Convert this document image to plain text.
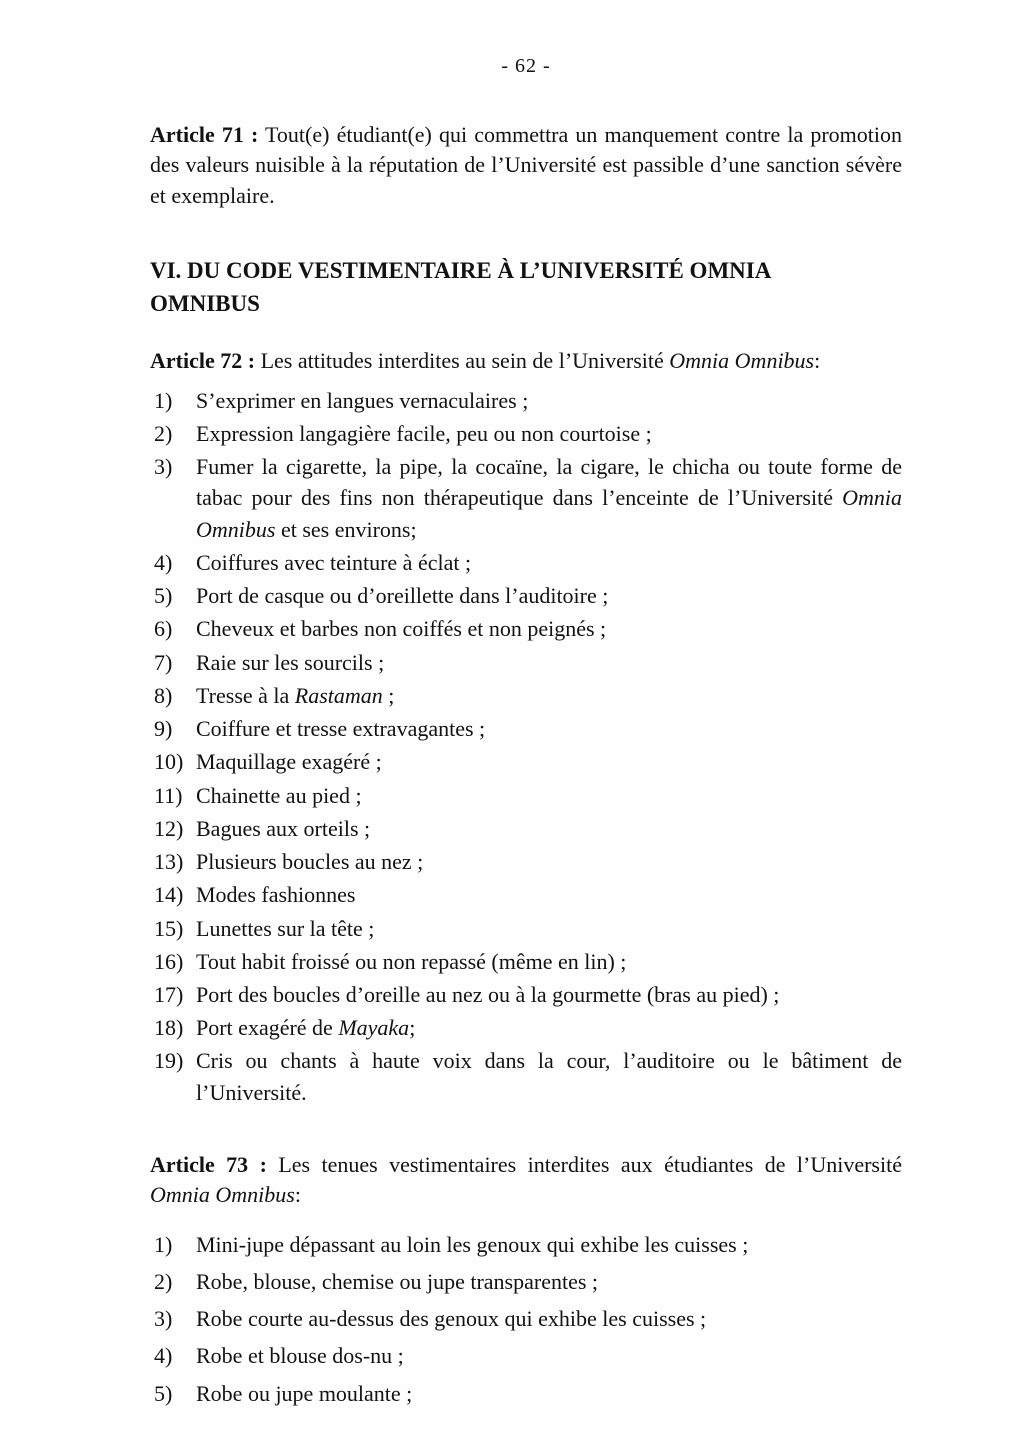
- 62 -

Article 71 : Tout(e) étudiant(e) qui commettra un manquement contre la promotion des valeurs nuisible à la réputation de l’Université est passible d’une sanction sévère et exemplaire.

VI. DU CODE VESTIMENTAIRE À L’UNIVERSITÉ OMNIA
OMNIBUS

Article 72 : Les attitudes interdites au sein de l’Université Omnia Omnibus:

1)	S’exprimer en langues vernaculaires ;
2)	Expression langagière facile, peu ou non courtoise ;
3)	Fumer la cigarette, la pipe, la cocaïne, la cigare, le chicha ou toute forme de tabac pour des fins non thérapeutique dans l’enceinte de l’Université Omnia Omnibus et ses environs;
4)	Coiffures avec teinture à éclat ;
5)	Port de casque ou d’oreillette dans l’auditoire ;
6)	Cheveux et barbes non coiffés et non peignés ;
7)	Raie sur les sourcils ;
8)	Tresse à la Rastaman ;
9)	Coiffure et tresse extravagantes ;
10) Maquillage exagéré ;
11) Chainette au pied ;
12) Bagues aux orteils ;
13) Plusieurs boucles au nez ;
14) Modes fashionnes
15) Lunettes sur la tête ;
16) Tout habit froissé ou non repassé (même en lin) ;
17) Port des boucles d’oreille au nez ou à la gourmette (bras au pied) ;
18) Port exagéré de Mayaka;
19) Cris ou chants à haute voix dans la cour, l’auditoire ou le bâtiment de l’Université.

Article 73 : Les tenues vestimentaires interdites aux étudiantes de l’Université Omnia Omnibus:

1)	Mini-jupe dépassant au loin les genoux qui exhibe les cuisses ;
2)	Robe, blouse, chemise ou jupe transparentes ;
3)	Robe courte au-dessus des genoux qui exhibe les cuisses ;
4)	Robe et blouse dos-nu ;
5)	Robe ou jupe moulante ;
